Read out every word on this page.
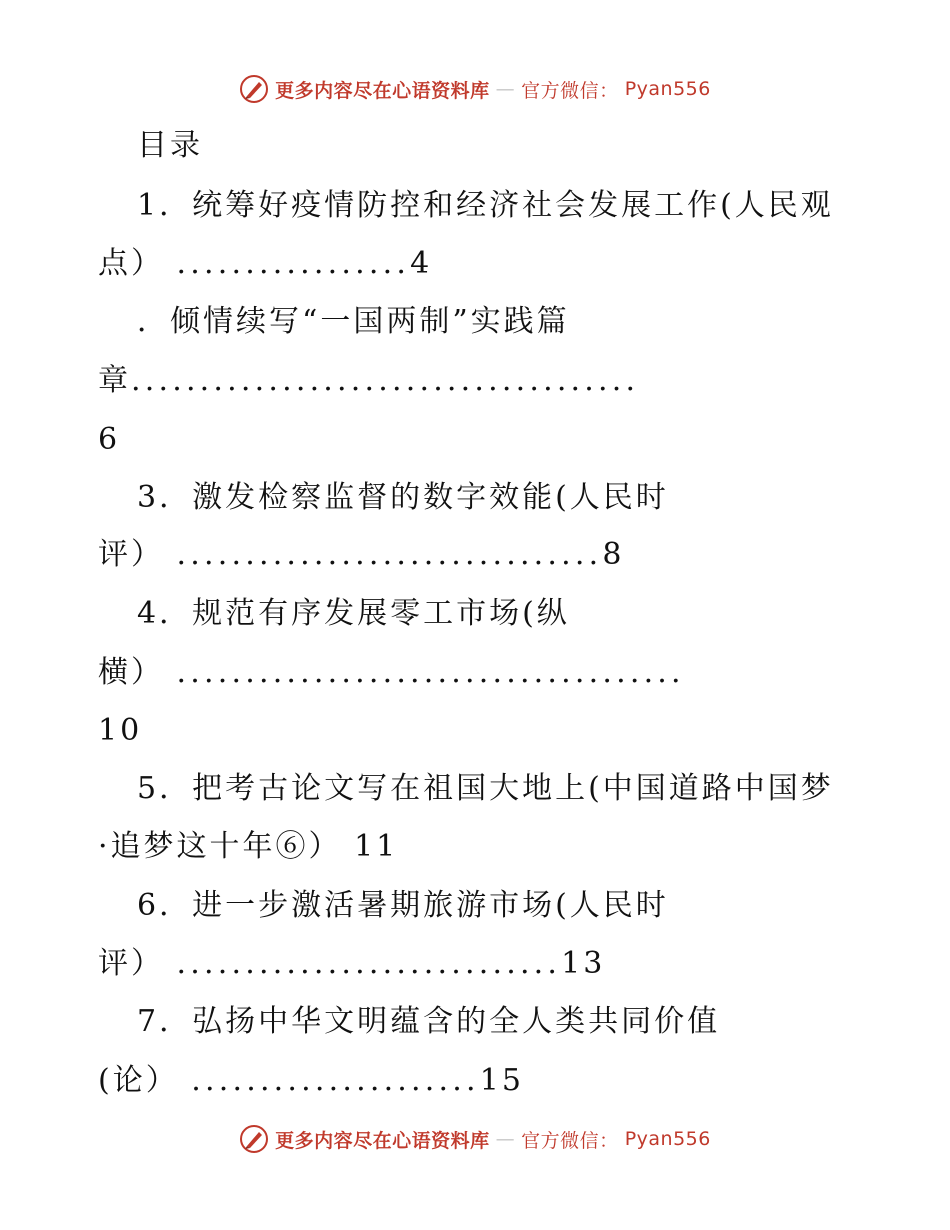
更多内容尽在心语资料库 — 官方微信： Pyan556
目录
1．统筹好疫情防控和经济社会发展工作(人民观
点） .................4
．倾情续写“一国两制”实践篇
章.....................................
6
3．激发检察监督的数字效能(人民时
评） ...............................8
4．规范有序发展零工市场(纵
横） .....................................
10
5．把考古论文写在祖国大地上(中国道路中国梦
·追梦这十年⑥） 11
6．进一步激活暑期旅游市场(人民时
评） ............................13
7．弘扬中华文明蕴含的全人类共同价值
(论） .....................15
更多内容尽在心语资料库 — 官方微信： Pyan556
